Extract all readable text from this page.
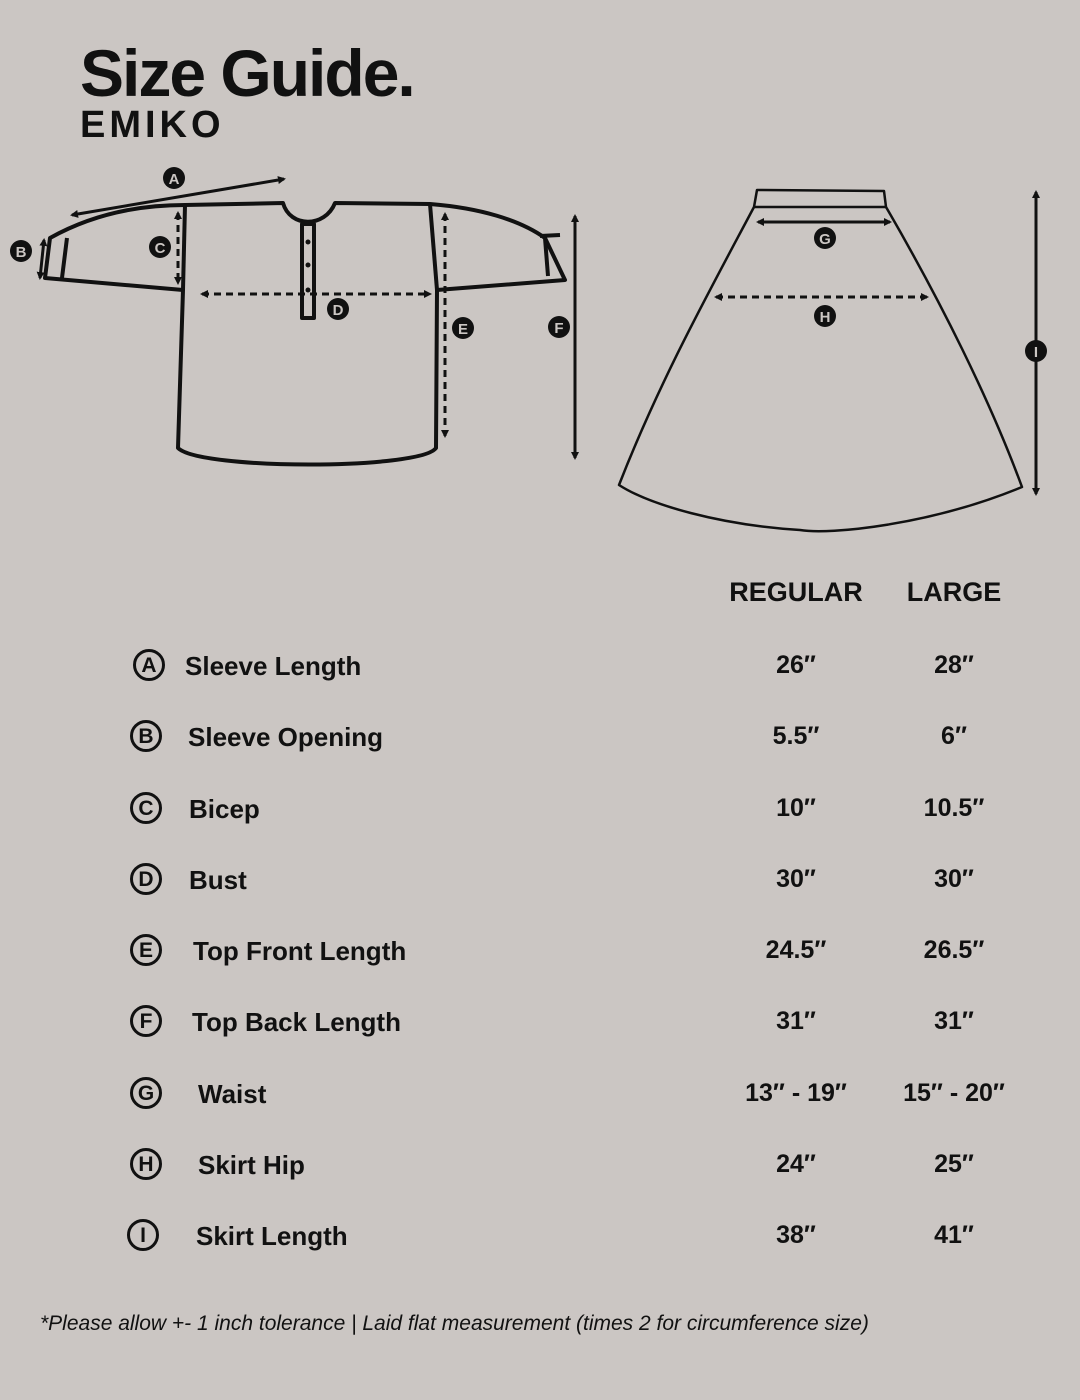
Size Guide.
EMIKO
A
B	C
D
E	F
G
H
I
REGULAR	LARGE
A	Sleeve Length	26″	28″
B	Sleeve Opening	5.5″	6″
C	Bicep	10″	10.5″
D	Bust	30″	30″
E	Top Front Length	24.5″	26.5″
F	Top Back Length	31″	31″
G	Waist	13″ - 19″	15″ - 20″
H	Skirt Hip	24″	25″
I	Skirt Length	38″	41″
*Please allow +- 1 inch tolerance | Laid flat measurement (times 2 for circumference size)
